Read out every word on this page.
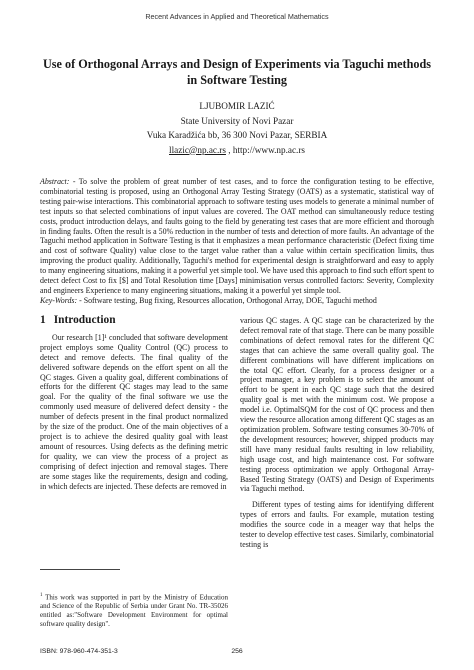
Recent Advances in Applied and Theoretical Mathematics
Use of Orthogonal Arrays and Design of Experiments via Taguchi methods in Software Testing
LJUBOMIR LAZIĆ
State University of Novi Pazar
Vuka Karadžića bb, 36 300 Novi Pazar, SERBIA
llazic@np.ac.rs , http://www.np.ac.rs
Abstract: - To solve the problem of great number of test cases, and to force the configuration testing to be effective, combinatorial testing is proposed, using an Orthogonal Array Testing Strategy (OATS) as a systematic, statistical way of testing pair-wise interactions. This combinatorial approach to software testing uses models to generate a minimal number of test inputs so that selected combinations of input values are covered. The OAT method can simultaneously reduce testing costs, product introduction delays, and faults going to the field by generating test cases that are more efficient and thorough in finding faults. Often the result is a 50% reduction in the number of tests and detection of more faults. An advantage of the Taguchi method application in Software Testing is that it emphasizes a mean performance characteristic (Defect fixing time and cost of software Quality) value close to the target value rather than a value within certain specification limits, thus improving the product quality. Additionally, Taguchi's method for experimental design is straightforward and easy to apply to many engineering situations, making it a powerful yet simple tool. We have used this approach to find such effort spent to detect defect Cost to fix [$] and Total Resolution time [Days] minimisation versus controlled factors: Severity, Complexity and engineers Experience to many engineering situations, making it a powerful yet simple tool.
Key-Words: - Software testing, Bug fixing, Resources allocation, Orthogonal Array, DOE, Taguchi method
1 Introduction

Our research [1]¹ concluded that software development project employs some Quality Control (QC) process to detect and remove defects. The final quality of the delivered software depends on the effort spent on all the QC stages. Given a quality goal, different combinations of efforts for the different QC stages may lead to the same goal. For the quality of the final software we use the commonly used measure of delivered defect density - the number of defects present in the final product normalized by the size of the product. One of the main objectives of a project is to achieve the desired quality goal with least amount of resources. Using defects as the defining metric for quality, we can view the process of a project as comprising of defect injection and removal stages. There are some stages like the requirements, design and coding, in which defects are injected. These defects are removed in

various QC stages. A QC stage can be characterized by the defect removal rate of that stage. There can be many possible combinations of defect removal rates for the different QC stages that can achieve the same overall quality goal. The different combinations will have different implications on the total QC effort. Clearly, for a process designer or a project manager, a key problem is to select the amount of effort to be spent in each QC stage such that the desired quality goal is met with the minimum cost. We propose a model i.e. OptimalSQM for the cost of QC process and then view the resource allocation among different QC stages as an optimization problem. Software testing consumes 30-70% of the development resources; however, shipped products may still have many residual faults resulting in low reliability, high usage cost, and high maintenance cost. For software testing process optimization we apply Orthogonal Array-Based Testing Strategy (OATS) and Design of Experiments via Taguchi method.

Different types of testing aims for identifying different types of errors and faults. For example, mutation testing modifies the source code in a meager way that helps the tester to develop effective test cases. Similarly, combinatorial testing is

$^1$ This work was supported in part by the Ministry of Education and Science of the Republic of Serbia under Grant No. TR-35026 entitled as:"Software Development Environment for optimal software quality design".
ISBN: 978-960-474-351-3	256
